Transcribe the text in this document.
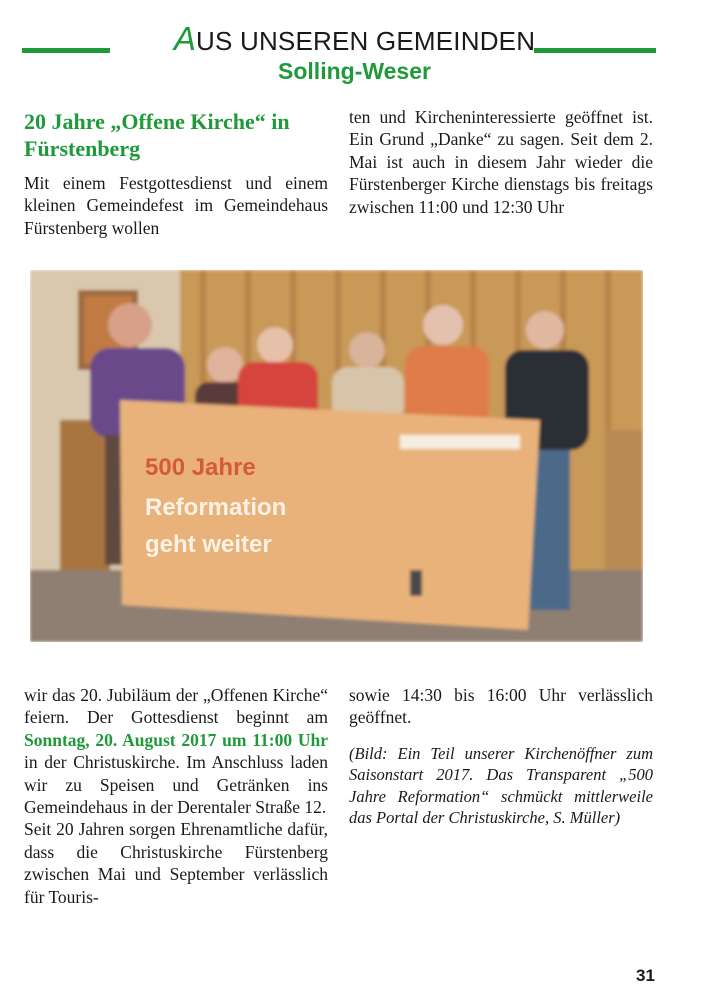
AUS UNSEREN GEMEINDEN
Solling-Weser
20 Jahre „Offene Kirche“ in Fürstenberg

Mit einem Festgottesdienst und einem kleinen Gemeindefest im Gemeindehaus Fürstenberg wollen

ten und Kircheninteressierte geöffnet ist. Ein Grund „Danke“ zu sagen. Seit dem 2. Mai ist auch in diesem Jahr wieder die Fürstenberger Kirche dienstags bis freitags zwischen 11:00 und 12:30 Uhr

500 Jahre
Reformation
geht weiter

wir das 20. Jubiläum der „Offenen Kirche“ feiern. Der Gottesdienst beginnt am Sonntag, 20. August 2017 um 11:00 Uhr in der Christuskirche. Im Anschluss laden wir zu Speisen und Getränken ins Gemeindehaus in der Derentaler Straße 12.

Seit 20 Jahren sorgen Ehrenamtliche dafür, dass die Christuskirche Fürstenberg zwischen Mai und September verlässlich für Touris-

sowie 14:30 bis 16:00 Uhr verlässlich geöffnet.

(Bild: Ein Teil unserer Kirchenöffner zum Saisonstart 2017. Das Transparent „500 Jahre Reformation“ schmückt mittlerweile das Portal der Christuskirche, S. Müller)

31
